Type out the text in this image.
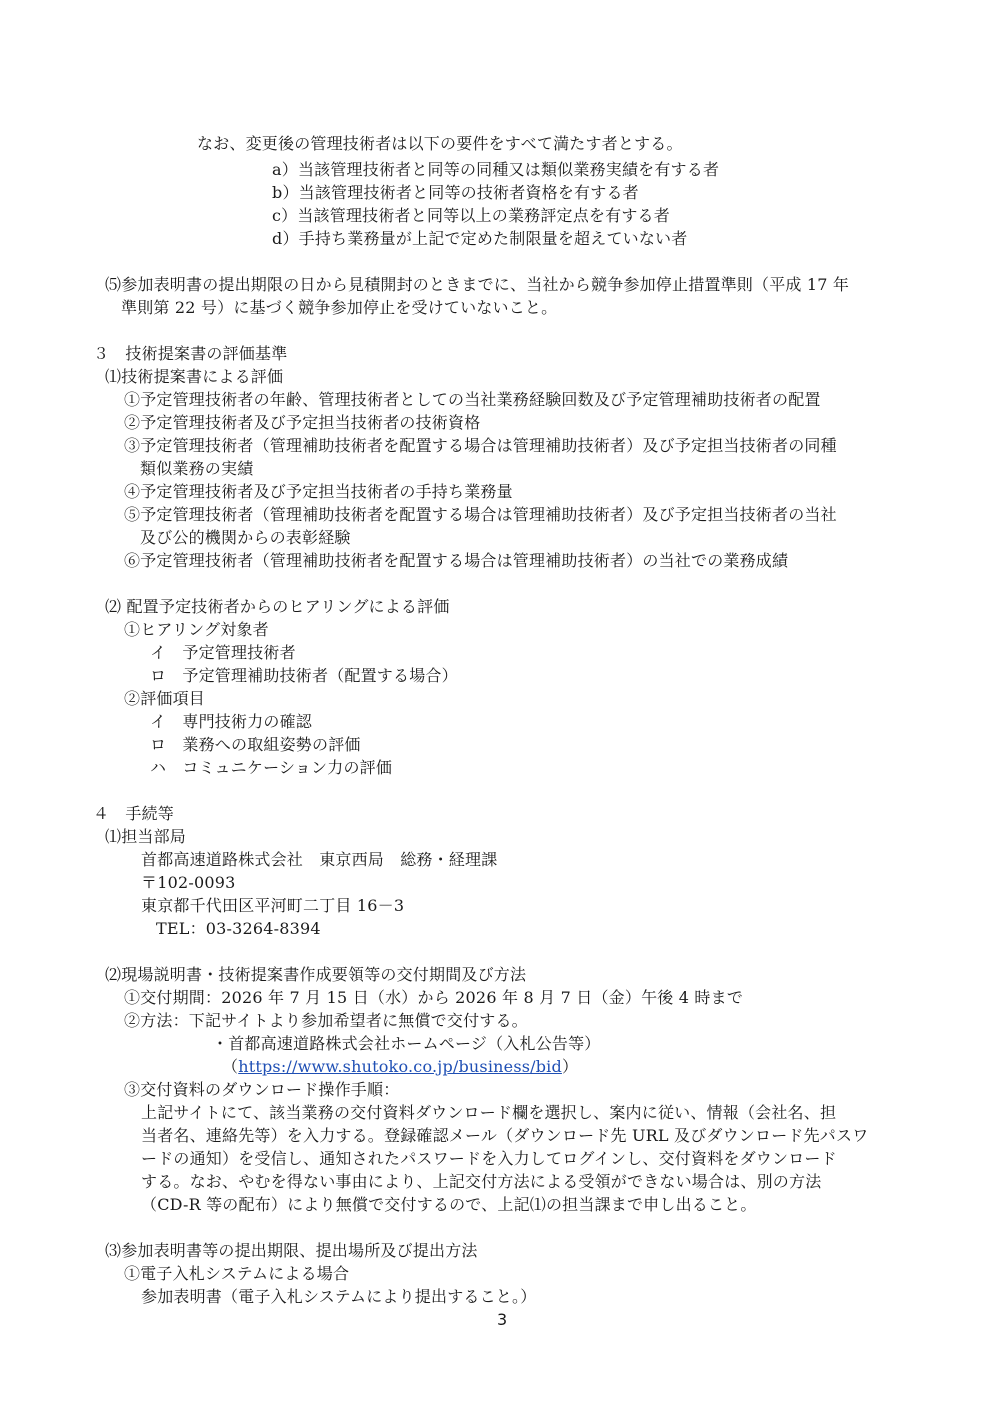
なお、変更後の管理技術者は以下の要件をすべて満たす者とする。
a）当該管理技術者と同等の同種又は類似業務実績を有する者
b）当該管理技術者と同等の技術者資格を有する者
c）当該管理技術者と同等以上の業務評定点を有する者
d）手持ち業務量が上記で定めた制限量を超えていない者
⑸参加表明書の提出期限の日から見積開封のときまでに、当社から競争参加停止措置準則（平成 17 年
準則第 22 号）に基づく競争参加停止を受けていないこと。
３　技術提案書の評価基準
⑴技術提案書による評価
①予定管理技術者の年齢、管理技術者としての当社業務経験回数及び予定管理補助技術者の配置
②予定管理技術者及び予定担当技術者の技術資格
③予定管理技術者（管理補助技術者を配置する場合は管理補助技術者）及び予定担当技術者の同種
類似業務の実績
④予定管理技術者及び予定担当技術者の手持ち業務量
⑤予定管理技術者（管理補助技術者を配置する場合は管理補助技術者）及び予定担当技術者の当社
及び公的機関からの表彰経験
⑥予定管理技術者（管理補助技術者を配置する場合は管理補助技術者）の当社での業務成績
⑵ 配置予定技術者からのヒアリングによる評価
①ヒアリング対象者
イ　予定管理技術者
ロ　予定管理補助技術者（配置する場合）
②評価項目
イ　専門技術力の確認
ロ　業務への取組姿勢の評価
ハ　コミュニケーション力の評価
４　手続等
⑴担当部局
首都高速道路株式会社　東京西局　総務・経理課
〒102-0093
東京都千代田区平河町二丁目 16－3
TEL：03-3264-8394
⑵現場説明書・技術提案書作成要領等の交付期間及び方法
①交付期間：2026 年 7 月 15 日（水）から 2026 年 8 月 7 日（金）午後 4 時まで
②方法：下記サイトより参加希望者に無償で交付する。
・首都高速道路株式会社ホームページ（入札公告等）
（https://www.shutoko.co.jp/business/bid）
③交付資料のダウンロード操作手順：
上記サイトにて、該当業務の交付資料ダウンロード欄を選択し、案内に従い、情報（会社名、担
当者名、連絡先等）を入力する。登録確認メール（ダウンロード先 URL 及びダウンロード先パスワ
ードの通知）を受信し、通知されたパスワードを入力してログインし、交付資料をダウンロード
する。なお、やむを得ない事由により、上記交付方法による受領ができない場合は、別の方法
（CD-R 等の配布）により無償で交付するので、上記⑴の担当課まで申し出ること。
⑶参加表明書等の提出期限、提出場所及び提出方法
①電子入札システムによる場合
参加表明書（電子入札システムにより提出すること。）
3
